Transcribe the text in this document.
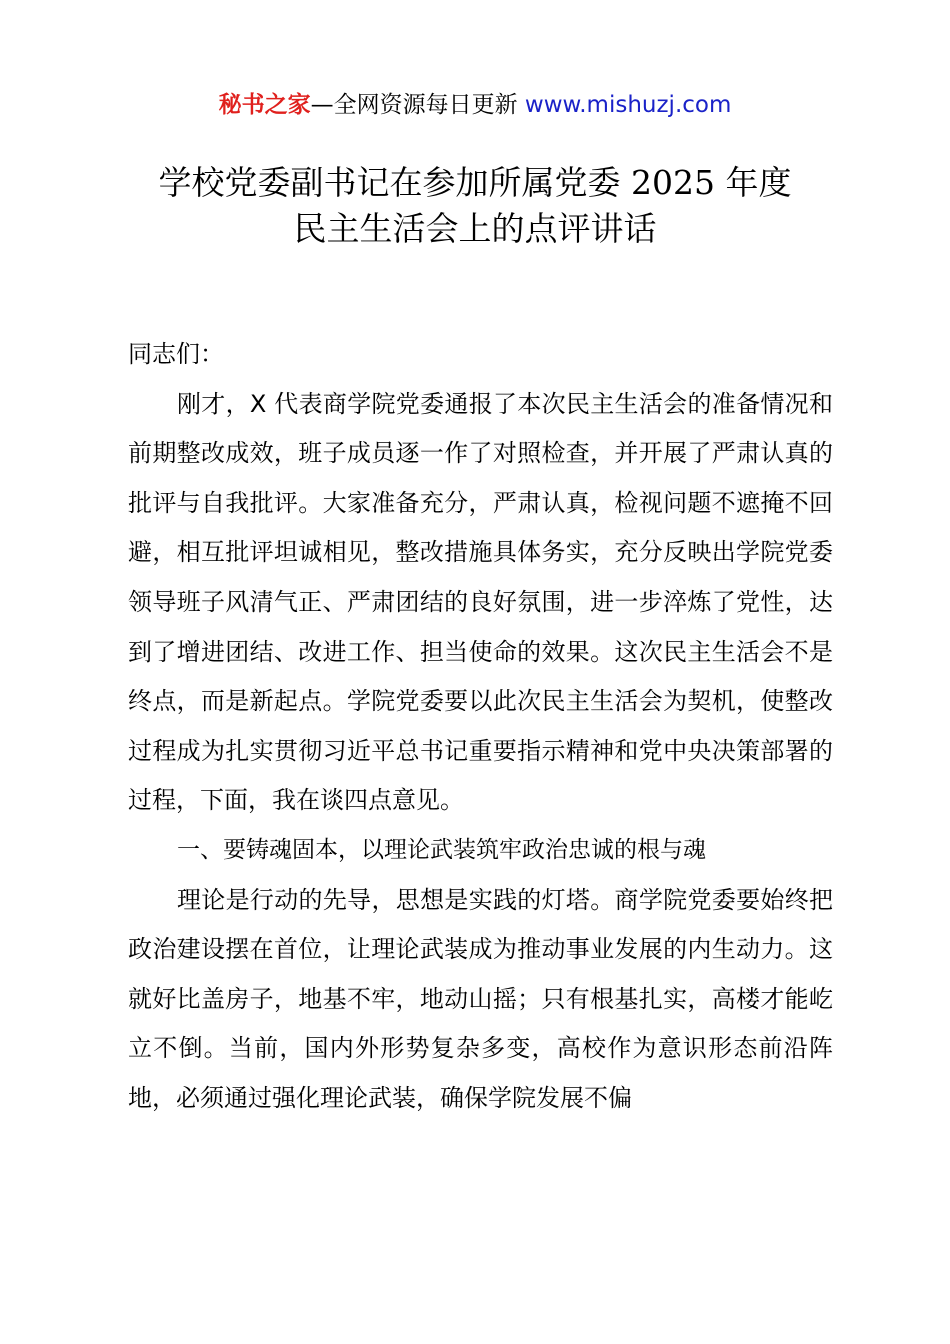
秘书之家—全网资源每日更新 www.mishuzj.com
学校党委副书记在参加所属党委 2025 年度
民主生活会上的点评讲话

同志们：

刚才，X 代表商学院党委通报了本次民主生活会的准备情况和前期整改成效，班子成员逐一作了对照检查，并开展了严肃认真的批评与自我批评。大家准备充分，严肃认真，检视问题不遮掩不回避，相互批评坦诚相见，整改措施具体务实，充分反映出学院党委领导班子风清气正、严肃团结的良好氛围，进一步淬炼了党性，达到了增进团结、改进工作、担当使命的效果。这次民主生活会不是终点，而是新起点。学院党委要以此次民主生活会为契机，使整改过程成为扎实贯彻习近平总书记重要指示精神和党中央决策部署的过程，下面，我在谈四点意见。

一、要铸魂固本，以理论武装筑牢政治忠诚的根与魂

理论是行动的先导，思想是实践的灯塔。商学院党委要始终把政治建设摆在首位，让理论武装成为推动事业发展的内生动力。这就好比盖房子，地基不牢，地动山摇；只有根基扎实，高楼才能屹立不倒。当前，国内外形势复杂多变，高校作为意识形态前沿阵地，必须通过强化理论武装，确保学院发展不偏
